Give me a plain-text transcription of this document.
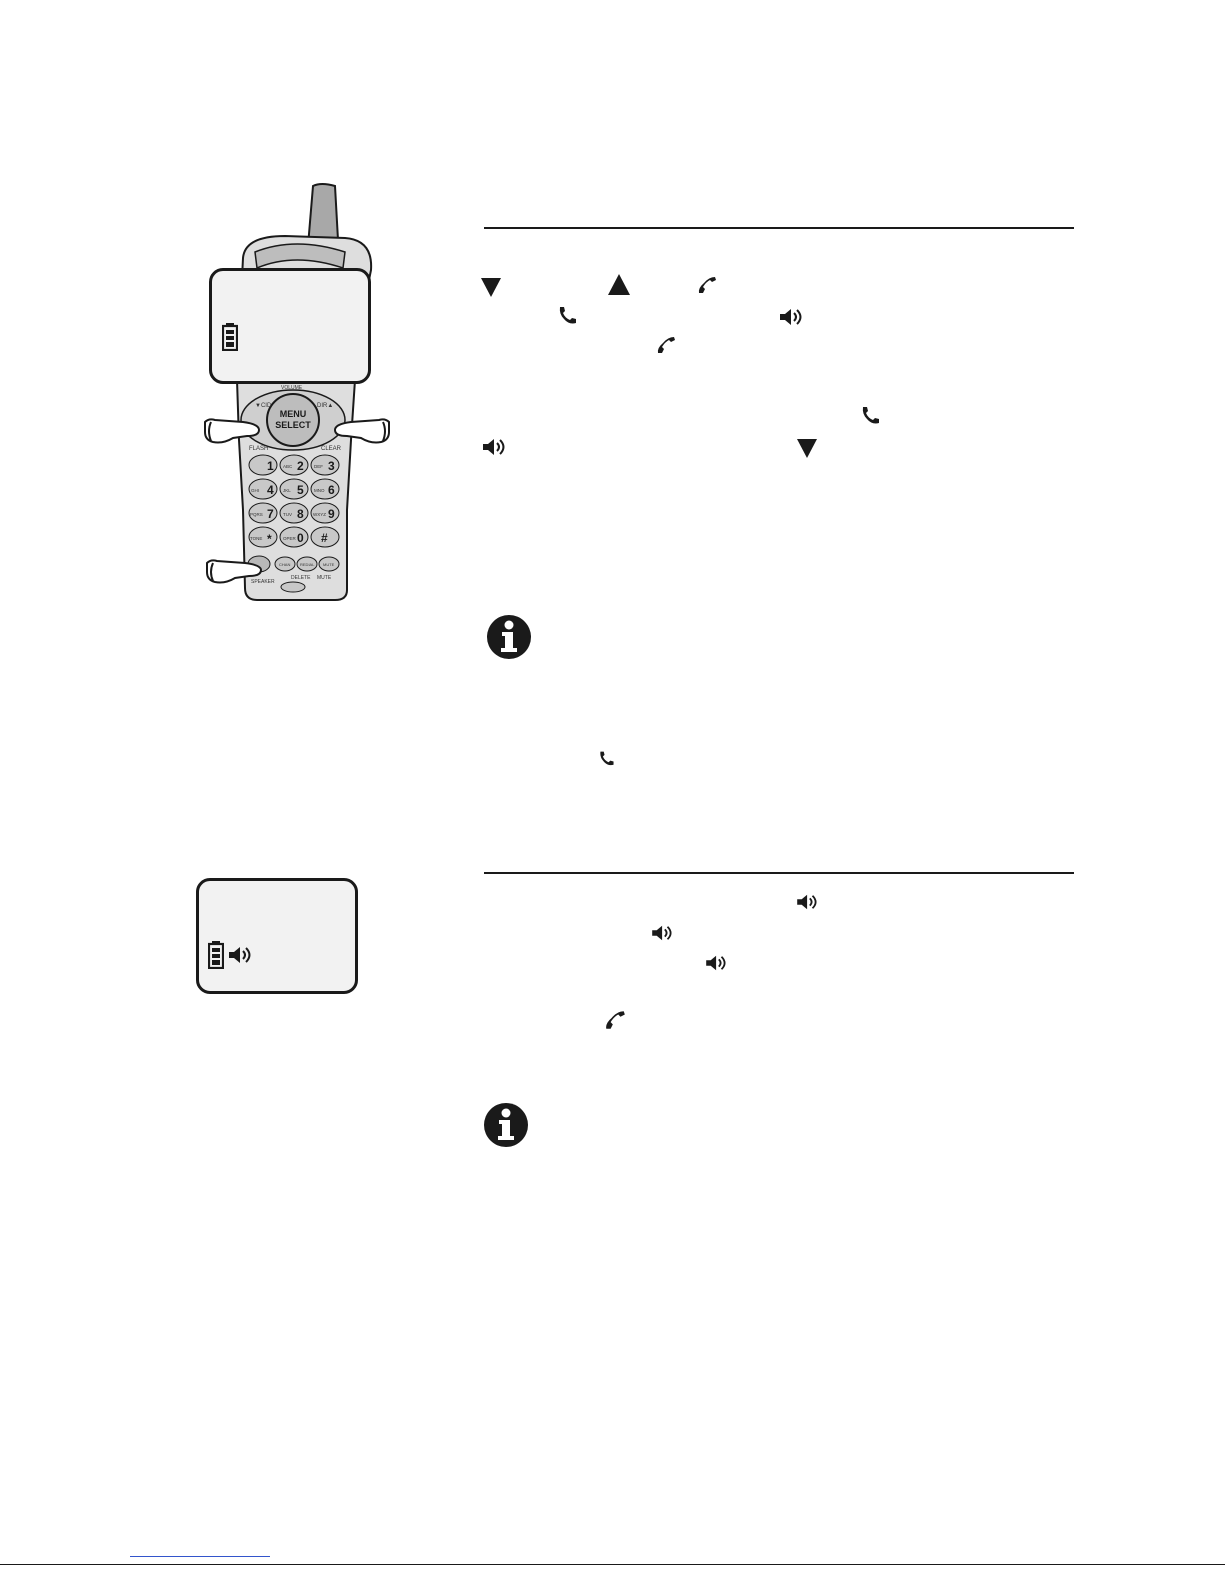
MENU
SELECT
▼CID	DIR▲
VOLUME
FLASH	CLEAR
1 2
ABC	3
DEF
4
GHI	5
JKL	6
MNO
7
PQRS	8
TUV	9
WXYZ
*
TONE	0
OPER #
CHAN REDIAL MUTE
SPEAKER
DELETE MUTE
